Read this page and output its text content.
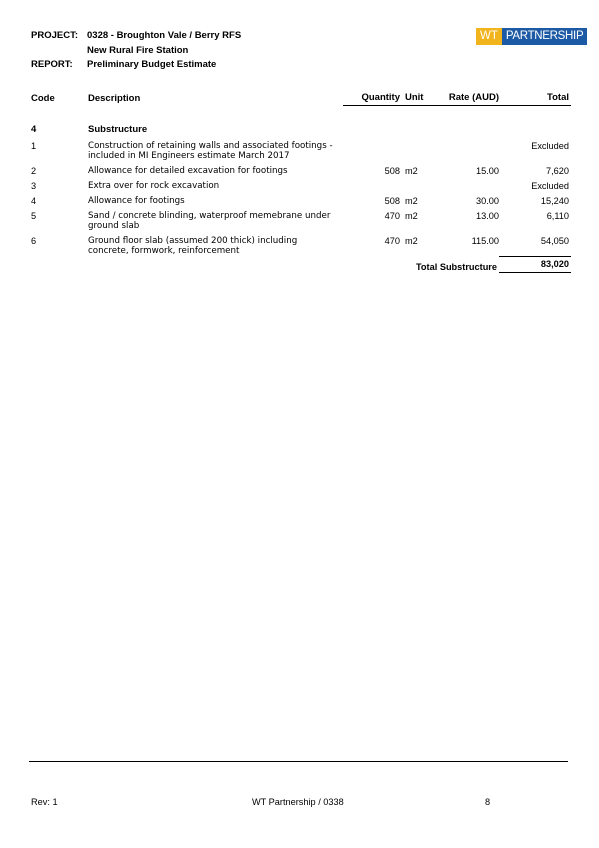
PROJECT: 0328 - Broughton Vale / Berry RFS
New Rural Fire Station
REPORT:	Preliminary Budget Estimate
WT PARTNERSHIP
Code	Description	Quantity	Unit	Rate (AUD)	Total
4	Substructure				
1	Construction of retaining walls and associated footings - included in MI Engineers estimate March 2017				Excluded
2	Allowance for detailed excavation for footings	508	m2	15.00	7,620
3	Extra over for rock excavation				Excluded
4	Allowance for footings	508	m2	30.00	15,240
5	Sand / concrete blinding, waterproof memebrane under ground slab	470	m2	13.00	6,110
6	Ground floor slab (assumed 200 thick) including concrete, formwork, reinforcement	470	m2	115.00	54,050
		Total Substructure			83,020
Rev: 1	WT Partnership / 0338	8
